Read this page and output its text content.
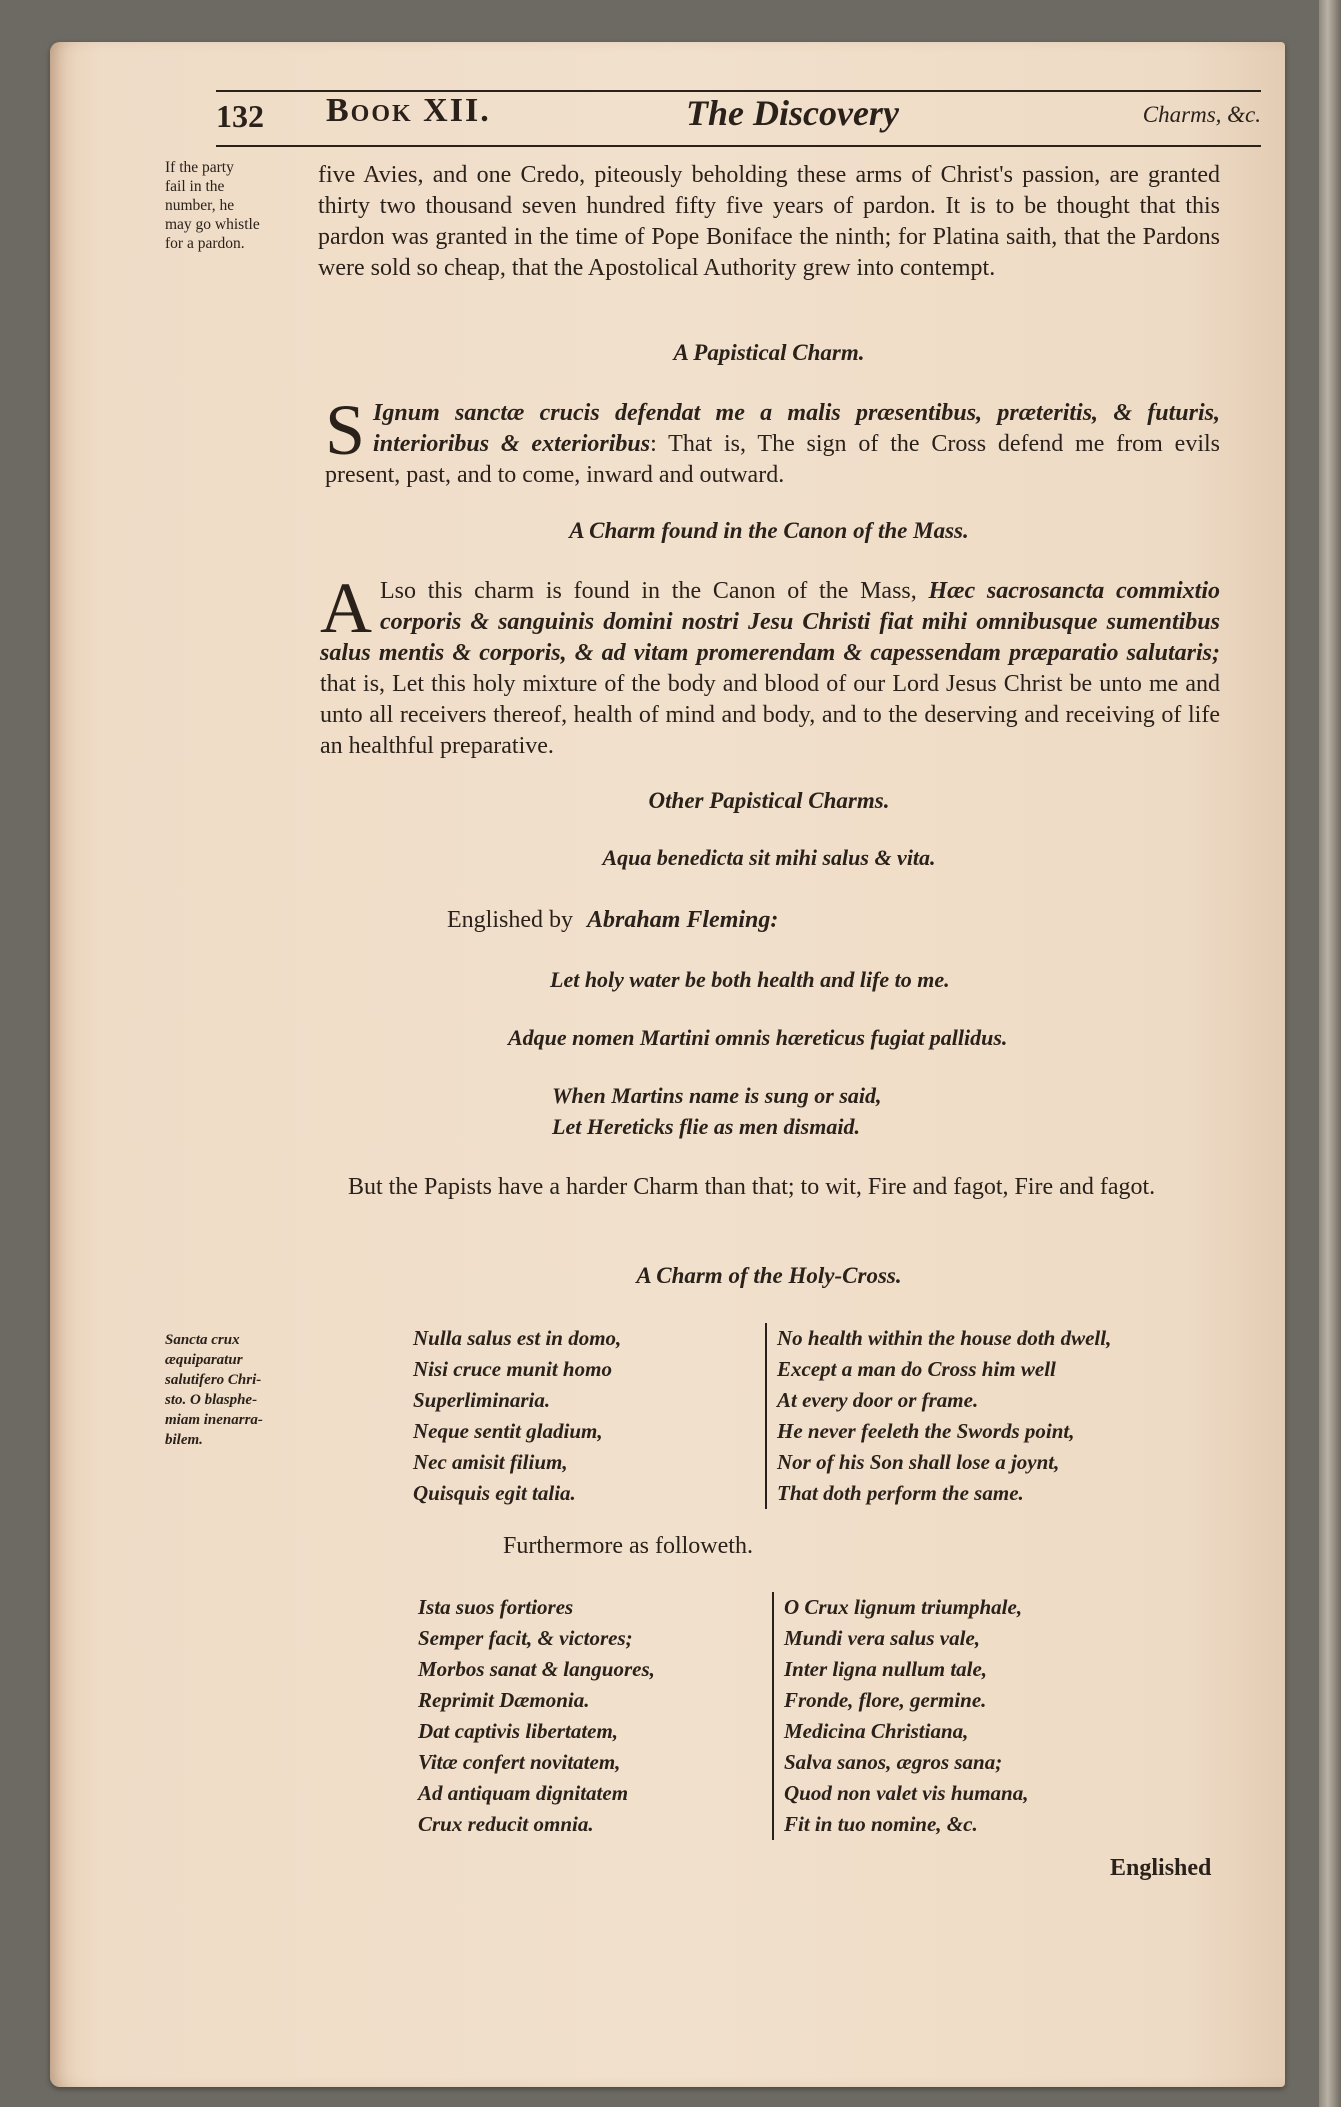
132 Book XII.	The Discovery	Charms, &c.
If the party
fail in the
number, he
may go whistle
for a pardon.
five Avies, and one Credo, piteously beholding these arms of Christ's passion, are granted thirty two thousand seven hundred fifty five years of pardon. It is to be thought that this pardon was granted in the time of Pope Boniface the ninth; for Platina saith, that the Pardons were sold so cheap, that the Apostolical Authority grew into contempt.
A Papistical Charm.
S Ignum sanctæ crucis defendat me a malis præsentibus, præteritis, & futuris, interioribus & exterioribus: That is, The sign of the Cross defend me from evils present, past, and to come, inward and outward.
A Charm found in the Canon of the Mass.
A Lso this charm is found in the Canon of the Mass, Hæc sacrosancta commixtio corporis & sanguinis domini nostri Jesu Christi fiat mihi omnibusque sumentibus salus mentis & corporis, & ad vitam promerendam & capessendam præparatio salutaris; that is, Let this holy mixture of the body and blood of our Lord Jesus Christ be unto me and unto all receivers thereof, health of mind and body, and to the deserving and receiving of life an healthful preparative.
Other Papistical Charms.
Aqua benedicta sit mihi salus & vita.
Englished by Abraham Fleming:
Let holy water be both health and life to me.
Adque nomen Martini omnis hæreticus fugiat pallidus.
When Martins name is sung or said,
Let Hereticks flie as men dismaid.
But the Papists have a harder Charm than that; to wit, Fire and fagot, Fire and fagot.
A Charm of the Holy-Cross.
Sancta crux
æquiparatur
salutifero Chri-
sto. O blasphe-
miam inenarra-
bilem.
Nulla salus est in domo,
Nisi cruce munit homo
Superliminaria.
Neque sentit gladium,
Nec amisit filium,
Quisquis egit talia.
No health within the house doth dwell,
Except a man do Cross him well
At every door or frame.
He never feeleth the Swords point,
Nor of his Son shall lose a joynt,
That doth perform the same.
Furthermore as followeth.
Ista suos fortiores
Semper facit, & victores;
Morbos sanat & languores,
Reprimit Dæmonia.
Dat captivis libertatem,
Vitæ confert novitatem,
Ad antiquam dignitatem
Crux reducit omnia.
O Crux lignum triumphale,
Mundi vera salus vale,
Inter ligna nullum tale,
Fronde, flore, germine.
Medicina Christiana,
Salva sanos, ægros sana;
Quod non valet vis humana,
Fit in tuo nomine, &c.
Englished
